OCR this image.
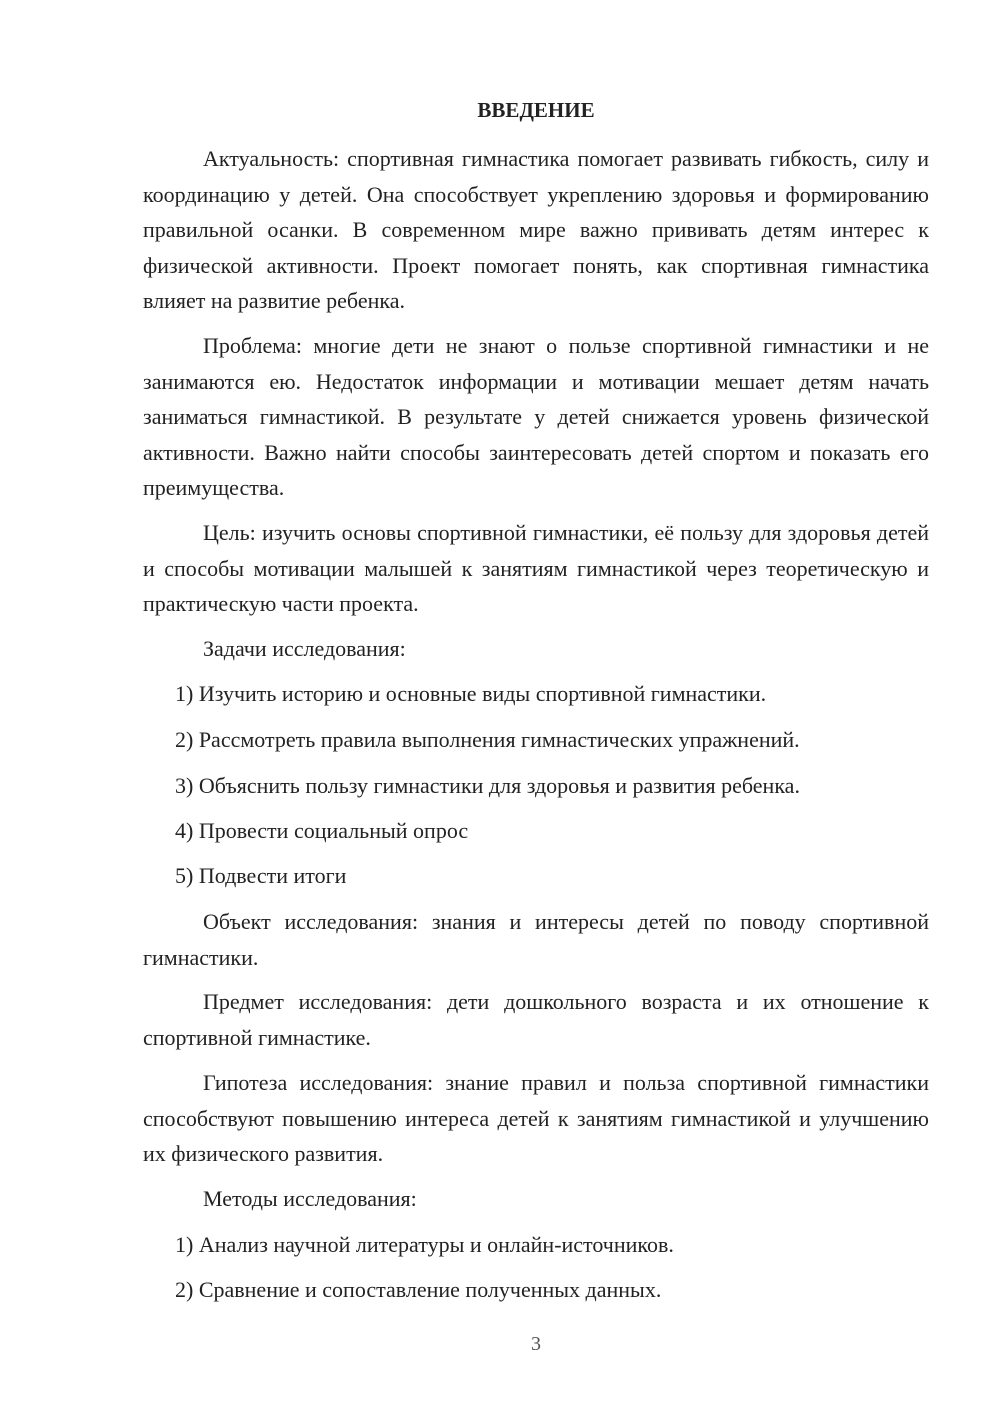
ВВЕДЕНИЕ

Актуальность: спортивная гимнастика помогает развивать гибкость, силу и координацию у детей. Она способствует укреплению здоровья и формированию правильной осанки. В современном мире важно прививать детям интерес к физической активности. Проект помогает понять, как спортивная гимнастика влияет на развитие ребенка.

Проблема: многие дети не знают о пользе спортивной гимнастики и не занимаются ею. Недостаток информации и мотивации мешает детям начать заниматься гимнастикой. В результате у детей снижается уровень физической активности. Важно найти способы заинтересовать детей спортом и показать его преимущества.

Цель: изучить основы спортивной гимнастики, её пользу для здоровья детей и способы мотивации малышей к занятиям гимнастикой через теоретическую и практическую части проекта.

Задачи исследования:

1) Изучить историю и основные виды спортивной гимнастики.

2) Рассмотреть правила выполнения гимнастических упражнений.

3) Объяснить пользу гимнастики для здоровья и развития ребенка.

4) Провести социальный опрос

5) Подвести итоги

Объект исследования: знания и интересы детей по поводу спортивной гимнастики.

Предмет исследования: дети дошкольного возраста и их отношение к спортивной гимнастике.

Гипотеза исследования: знание правил и польза спортивной гимнастики способствуют повышению интереса детей к занятиям гимнастикой и улучшению их физического развития.

Методы исследования:

1) Анализ научной литературы и онлайн-источников.

2) Сравнение и сопоставление полученных данных.

3
